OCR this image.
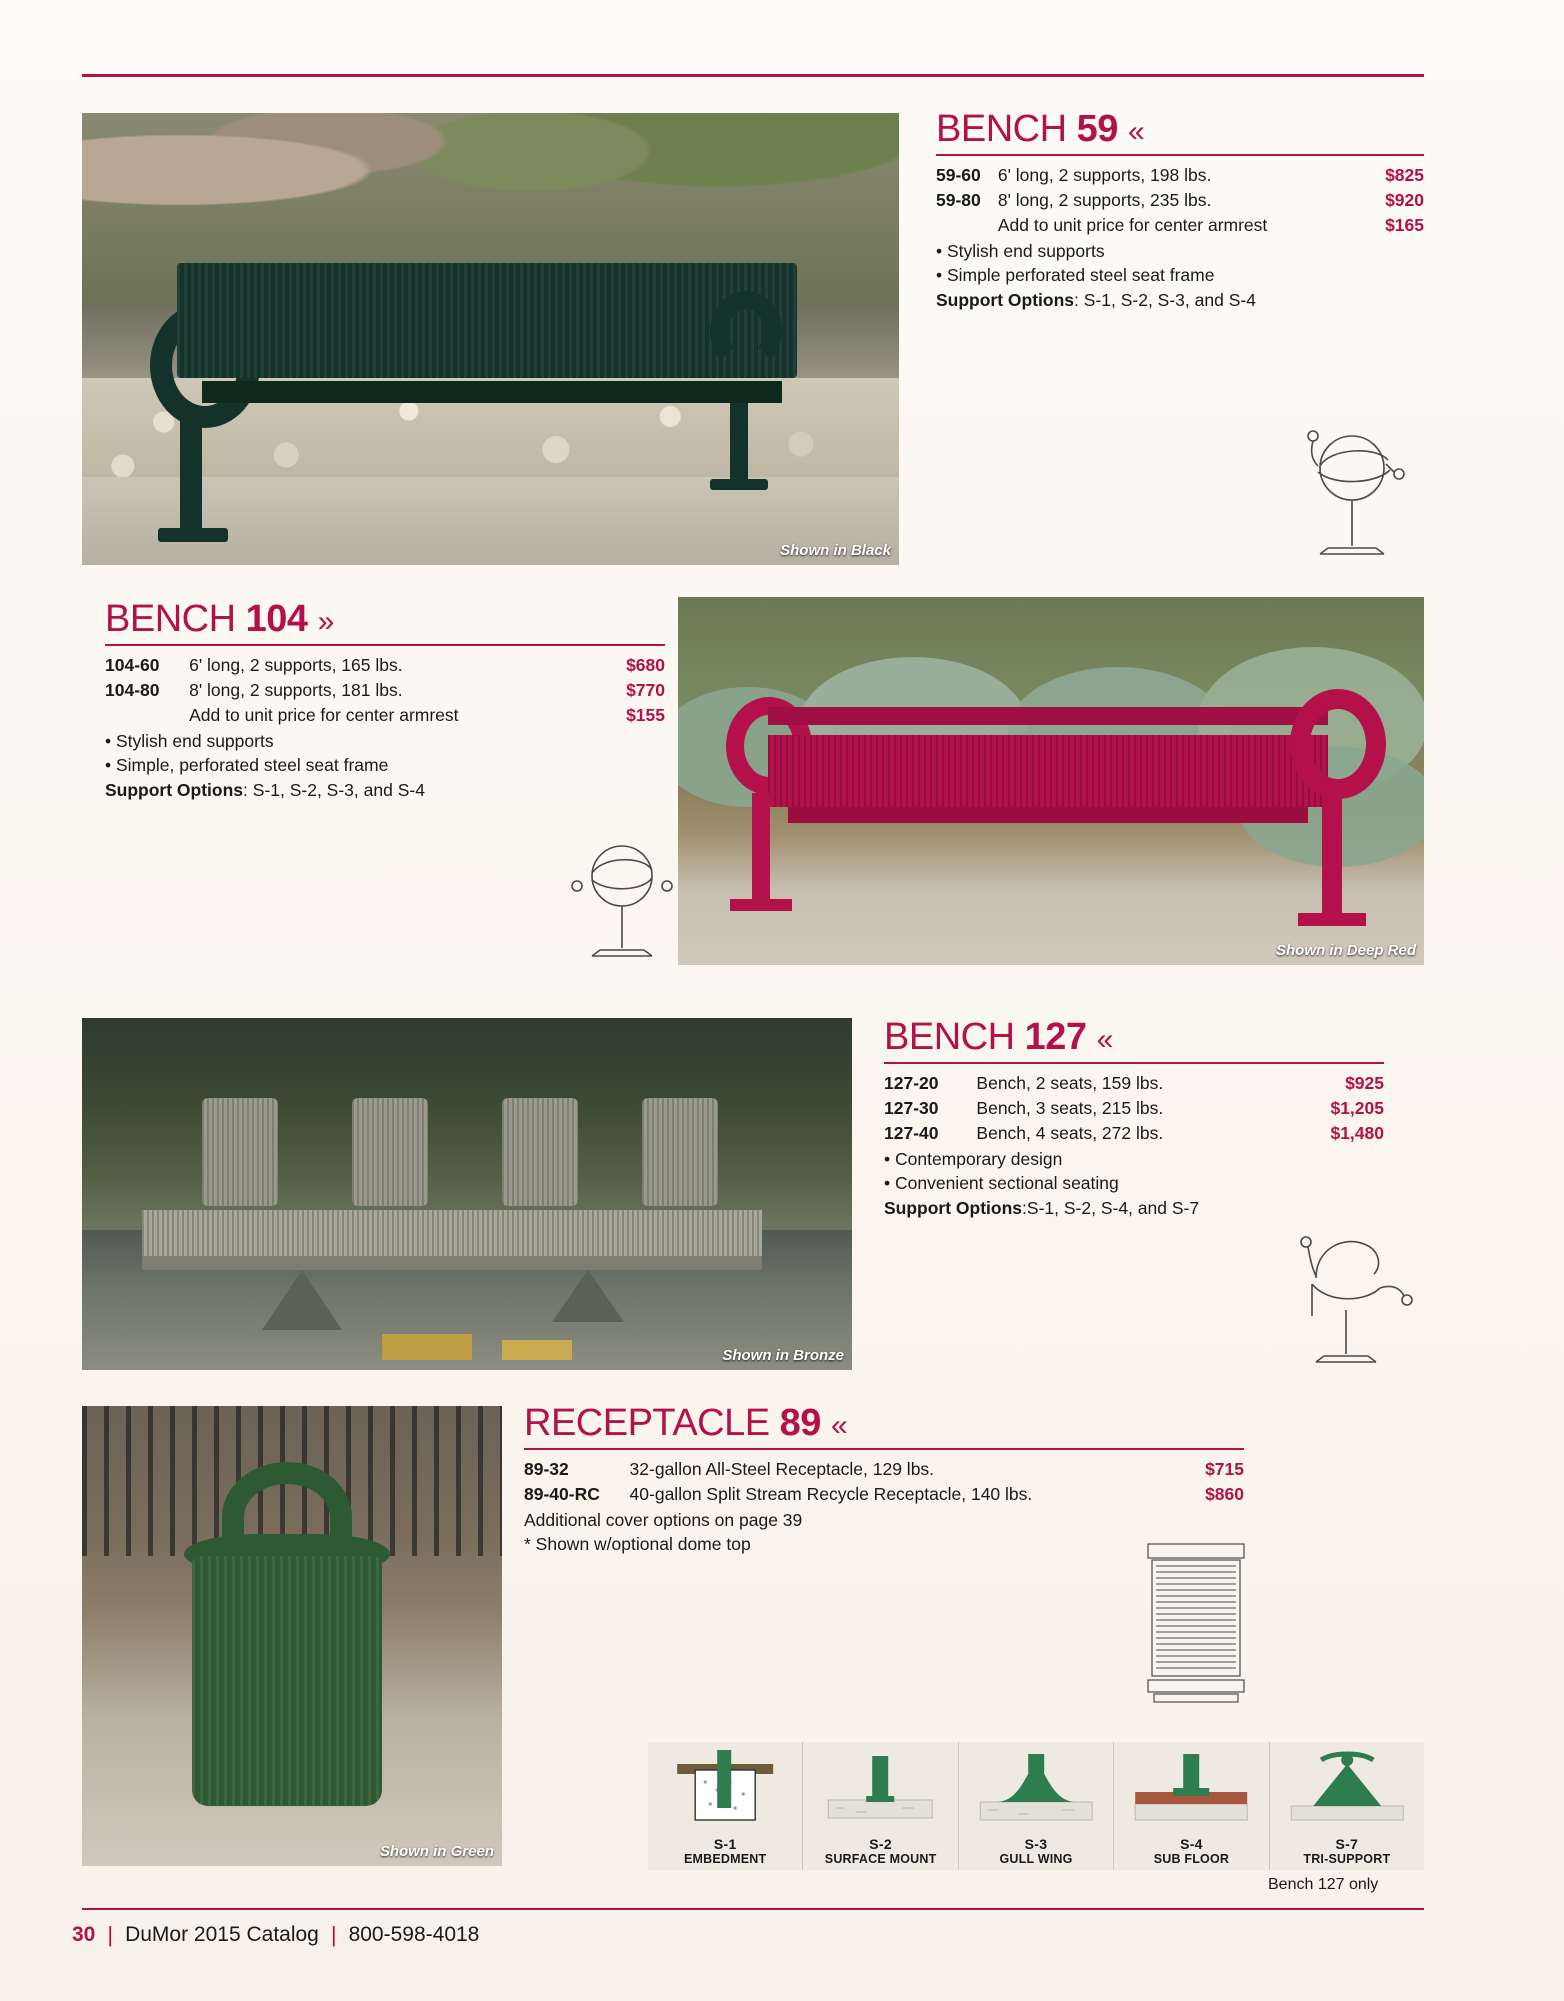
Shown in Black
BENCH 59 «
59-60	6' long, 2 supports, 198 lbs.	$825
59-80	8' long, 2 supports, 235 lbs.	$920
	Add to unit price for center armrest	$165
• Stylish end supports
• Simple perforated steel seat frame
Support Options: S-1, S-2, S-3, and S-4
BENCH 104 »
104-60	6' long, 2 supports, 165 lbs.	$680
104-80	8' long, 2 supports, 181 lbs.	$770
	Add to unit price for center armrest	$155
• Stylish end supports
• Simple, perforated steel seat frame
Support Options: S-1, S-2, S-3, and S-4
Shown in Deep Red
Shown in Bronze
BENCH 127 «
127-20	Bench, 2 seats, 159 lbs.	$925
127-30	Bench, 3 seats, 215 lbs.	$1,205
127-40	Bench, 4 seats, 272 lbs.	$1,480
• Contemporary design
• Convenient sectional seating
Support Options:S-1, S-2, S-4, and S-7
Shown in Green
RECEPTACLE 89 «
89-32	32-gallon All-Steel Receptacle, 129 lbs.	$715
89-40-RC	40-gallon Split Stream Recycle Receptacle, 140 lbs.	$860
Additional cover options on page 39
* Shown w/optional dome top
S-1
EMBEDMENT
S-2
SURFACE MOUNT
S-3
GULL WING
S-4
SUB FLOOR
S-7
TRI-SUPPORT
Bench 127 only
30 | DuMor 2015 Catalog | 800-598-4018
